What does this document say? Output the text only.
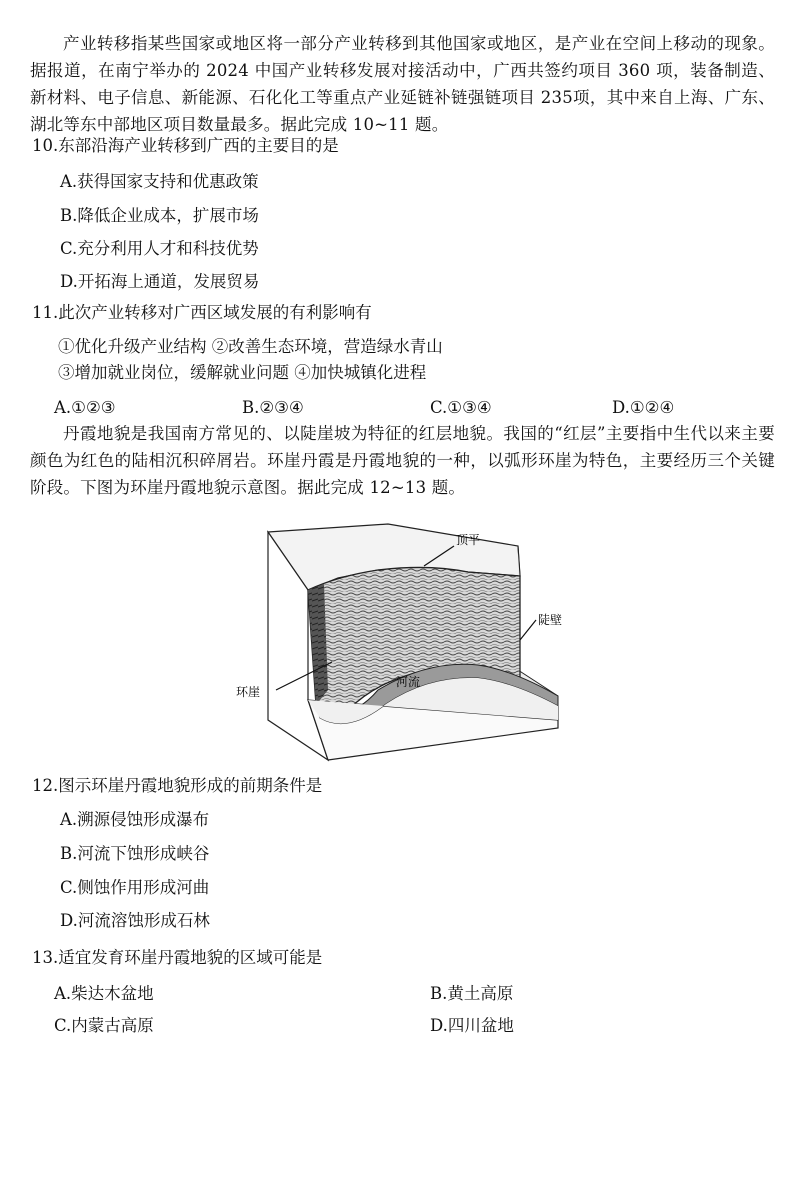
产业转移指某些国家或地区将一部分产业转移到其他国家或地区，是产业在空间上移动的现象。据报道，在南宁举办的 2024 中国产业转移发展对接活动中，广西共签约项目 360 项，装备制造、新材料、电子信息、新能源、石化化工等重点产业延链补链强链项目 235项，其中来自上海、广东、湖北等东中部地区项目数量最多。据此完成 10~11 题。
10.东部沿海产业转移到广西的主要目的是
A.获得国家支持和优惠政策
B.降低企业成本，扩展市场
C.充分利用人才和科技优势
D.开拓海上通道，发展贸易
11.此次产业转移对广西区域发展的有利影响有
①优化升级产业结构 ②改善生态环境，营造绿水青山
③增加就业岗位，缓解就业问题 ④加快城镇化进程
A.①②③	B.②③④	C.①③④	D.①②④
丹霞地貌是我国南方常见的、以陡崖坡为特征的红层地貌。我国的“红层”主要指中生代以来主要颜色为红色的陆相沉积碎屑岩。环崖丹霞是丹霞地貌的一种，以弧形环崖为特色，主要经历三个关键阶段。下图为环崖丹霞地貌示意图。据此完成 12~13 题。
顶平
陡壁
环崖
河流
12.图示环崖丹霞地貌形成的前期条件是
A.溯源侵蚀形成瀑布
B.河流下蚀形成峡谷
C.侧蚀作用形成河曲
D.河流溶蚀形成石林
13.适宜发育环崖丹霞地貌的区域可能是
A.柴达木盆地	B.黄土高原
C.内蒙古高原	D.四川盆地
